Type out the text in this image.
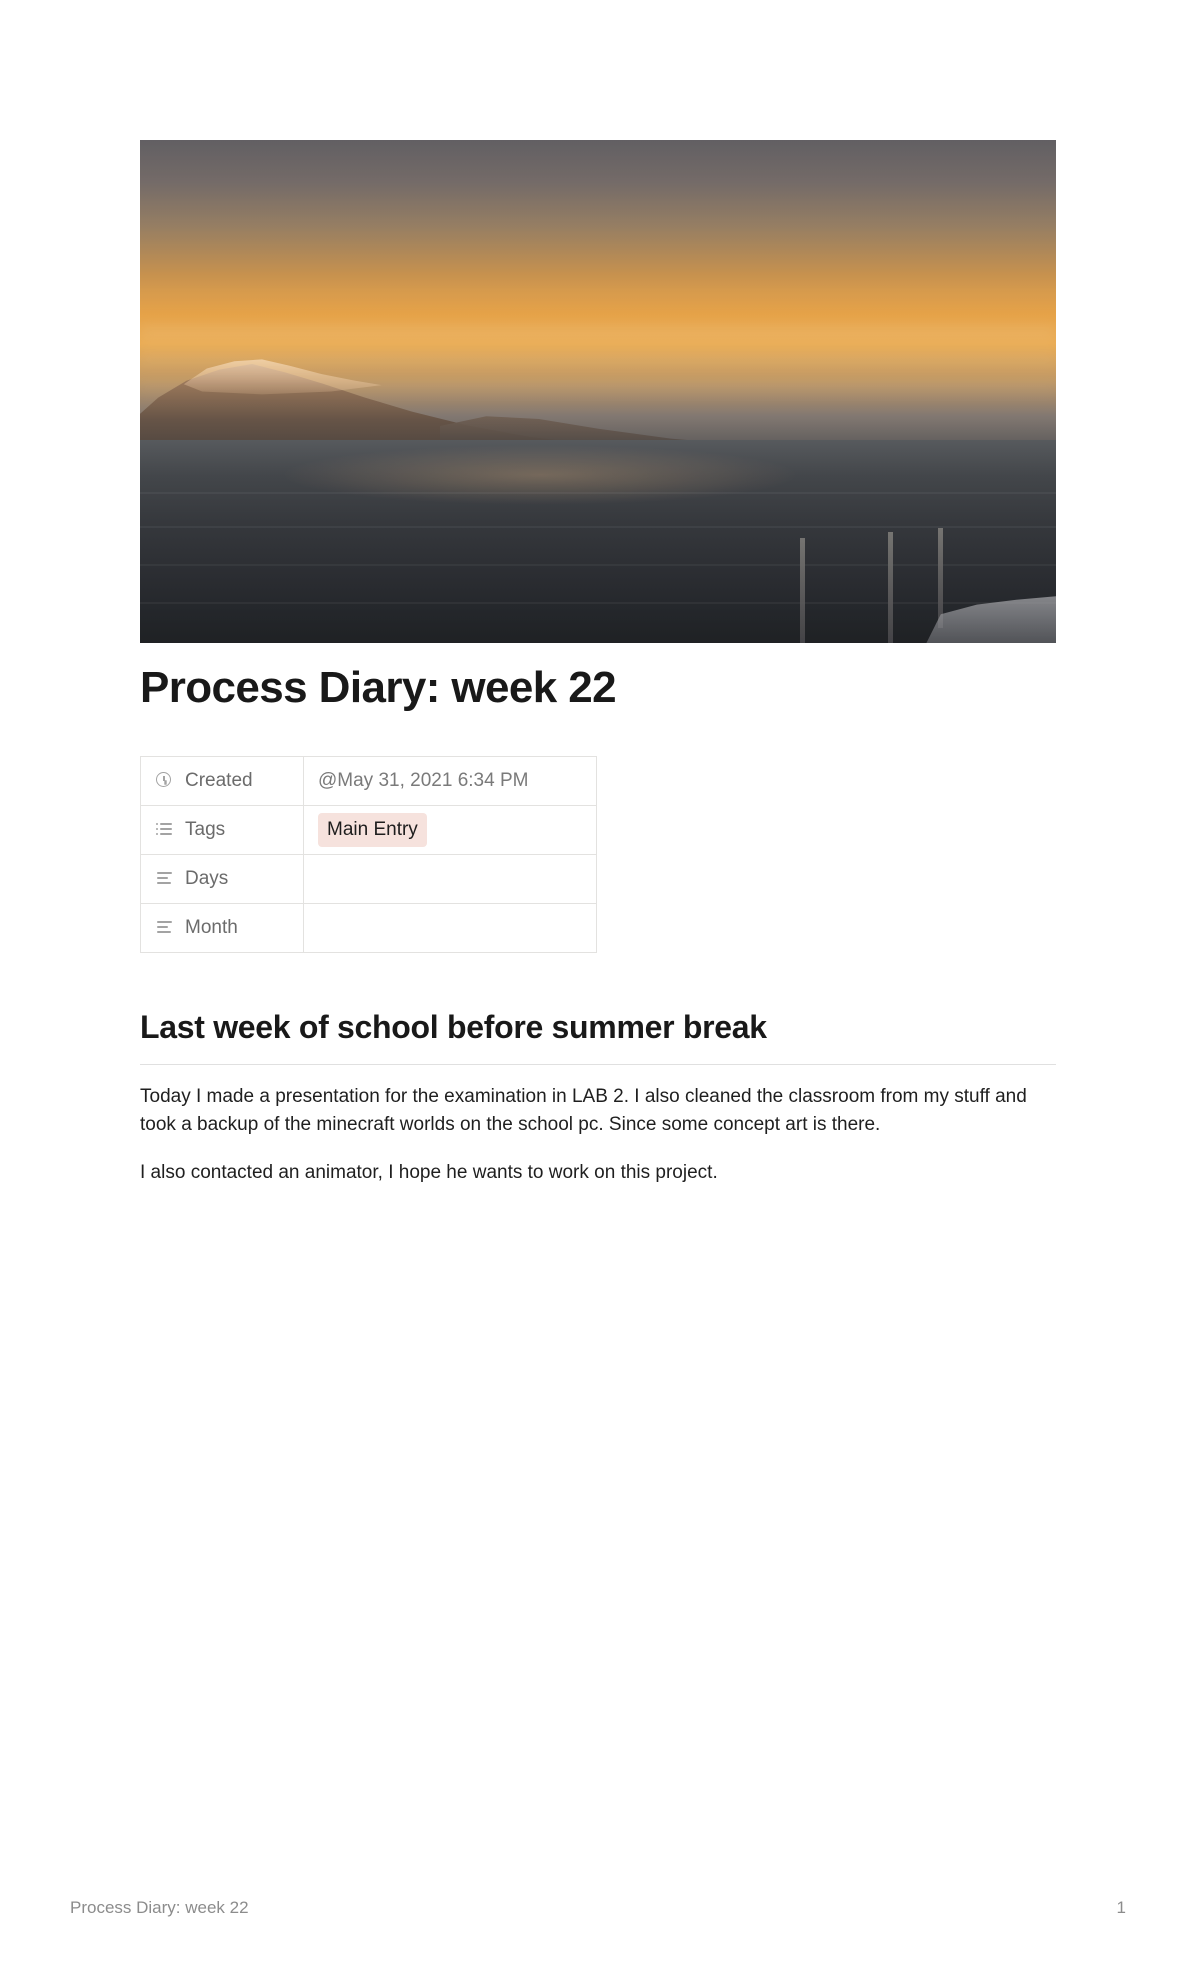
Process Diary: week 22
Created	@May 31, 2021 6:34 PM

Tags	Main Entry

Days	

Month	

Last week of school before summer break

Today I made a presentation for the examination in LAB 2. I also cleaned the classroom from my stuff and took a backup of the minecraft worlds on the school pc. Since some concept art is there.

I also contacted an animator, I hope he wants to work on this project.

Process Diary: week 22	1
